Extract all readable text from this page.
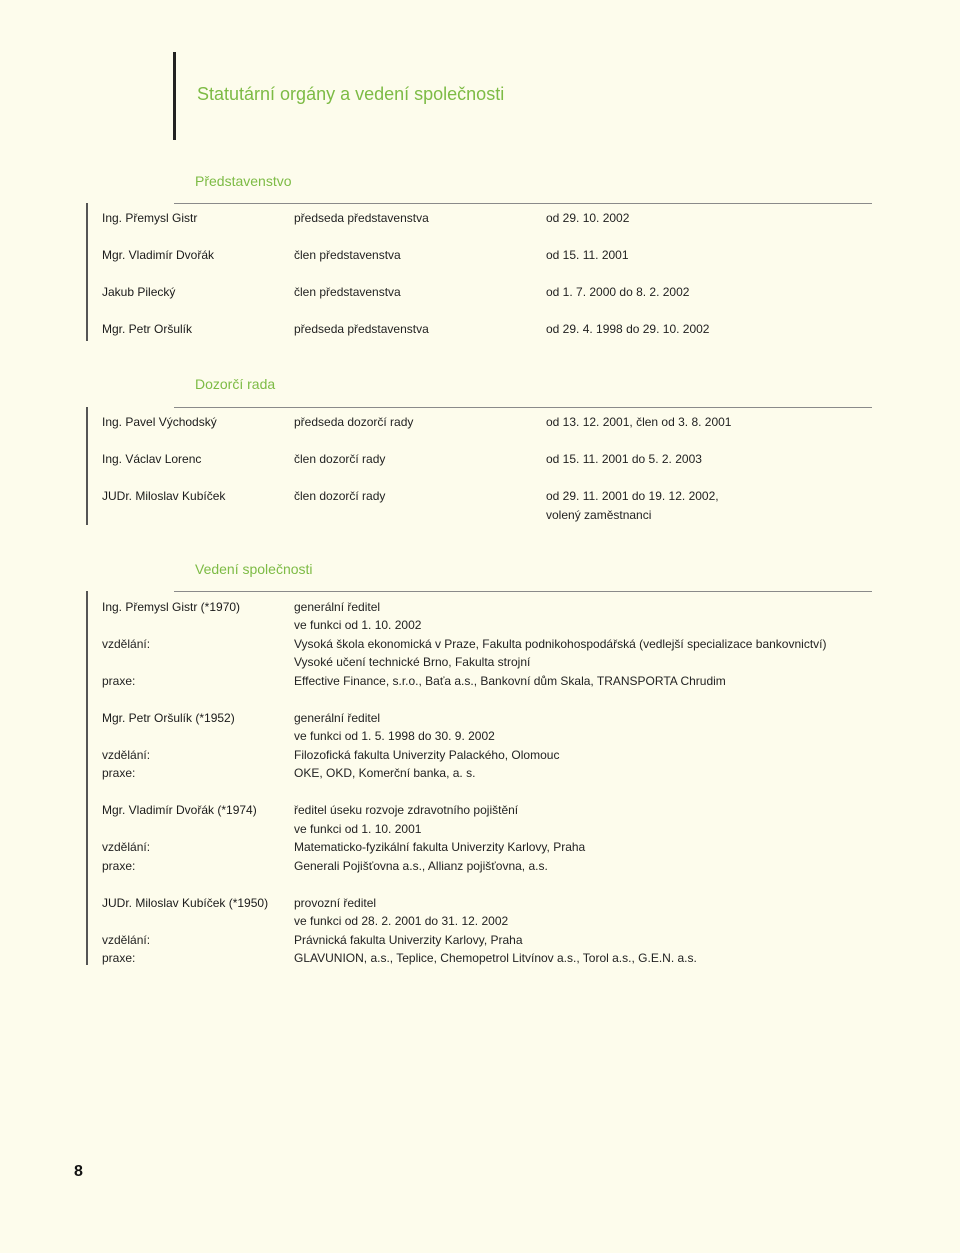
Statutární orgány a vedení společnosti
Představenstvo
Ing. Přemysl Gistr	předseda představenstva	od 29. 10. 2002
Mgr. Vladimír Dvořák	člen představenstva	od 15. 11. 2001
Jakub Pilecký	člen představenstva	od 1. 7. 2000 do 8. 2. 2002
Mgr. Petr Oršulík	předseda představenstva	od 29. 4. 1998 do 29. 10. 2002
Dozorčí rada
Ing. Pavel Východský	předseda dozorčí rady	od 13. 12. 2001, člen od 3. 8. 2001
Ing. Václav Lorenc	člen dozorčí rady	od 15. 11. 2001 do 5. 2. 2003
JUDr. Miloslav Kubíček	člen dozorčí rady	od 29. 11. 2001 do 19. 12. 2002,
volený zaměstnanci
Vedení společnosti
Ing. Přemysl Gistr (*1970)	generální ředitel
ve funkci od 1. 10. 2002
vzdělání:	Vysoká škola ekonomická v Praze, Fakulta podnikohospodářská (vedlejší specializace bankovnictví)
Vysoké učení technické Brno, Fakulta strojní
praxe:	Effective Finance, s.r.o., Baťa a.s., Bankovní dům Skala, TRANSPORTA Chrudim
Mgr. Petr Oršulík (*1952)	generální ředitel
ve funkci od 1. 5. 1998 do 30. 9. 2002
vzdělání:	Filozofická fakulta Univerzity Palackého, Olomouc
praxe:	OKE, OKD, Komerční banka, a. s.
Mgr. Vladimír Dvořák (*1974)	ředitel úseku rozvoje zdravotního pojištění
ve funkci od 1. 10. 2001
vzdělání:	Matematicko-fyzikální fakulta Univerzity Karlovy, Praha
praxe:	Generali Pojišťovna a.s., Allianz pojišťovna, a.s.
JUDr. Miloslav Kubíček (*1950) provozní ředitel
ve funkci od 28. 2. 2001 do 31. 12. 2002
vzdělání:	Právnická fakulta Univerzity Karlovy, Praha
praxe:	GLAVUNION, a.s., Teplice, Chemopetrol Litvínov a.s., Torol a.s., G.E.N. a.s.
8
